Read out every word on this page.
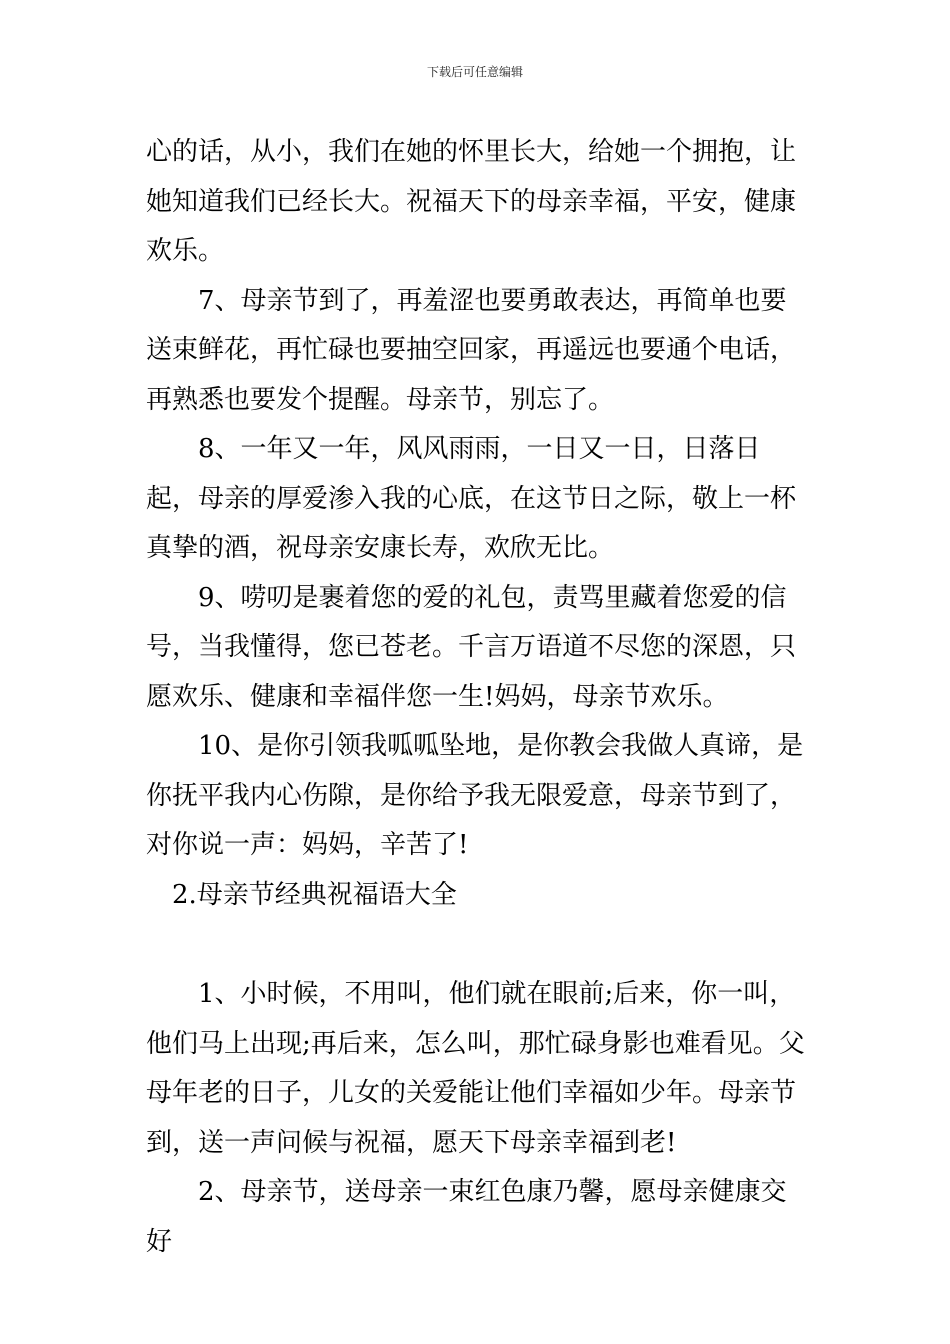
下载后可任意编辑

心的话，从小，我们在她的怀里长大，给她一个拥抱，让她知道我们已经长大。祝福天下的母亲幸福，平安，健康欢乐。

7、母亲节到了，再羞涩也要勇敢表达，再简单也要送束鲜花，再忙碌也要抽空回家，再遥远也要通个电话，再熟悉也要发个提醒。母亲节，别忘了。

8、一年又一年，风风雨雨，一日又一日，日落日起，母亲的厚爱渗入我的心底，在这节日之际，敬上一杯真挚的酒，祝母亲安康长寿，欢欣无比。

9、唠叨是裹着您的爱的礼包，责骂里藏着您爱的信号，当我懂得，您已苍老。千言万语道不尽您的深恩，只愿欢乐、健康和幸福伴您一生!妈妈，母亲节欢乐。

10、是你引领我呱呱坠地，是你教会我做人真谛，是你抚平我内心伤隙，是你给予我无限爱意，母亲节到了，对你说一声：妈妈，辛苦了!

2.母亲节经典祝福语大全

1、小时候，不用叫，他们就在眼前;后来，你一叫，他们马上出现;再后来，怎么叫，那忙碌身影也难看见。父母年老的日子，儿女的关爱能让他们幸福如少年。母亲节到，送一声问候与祝福，愿天下母亲幸福到老!

2、母亲节，送母亲一束红色康乃馨，愿母亲健康交好
